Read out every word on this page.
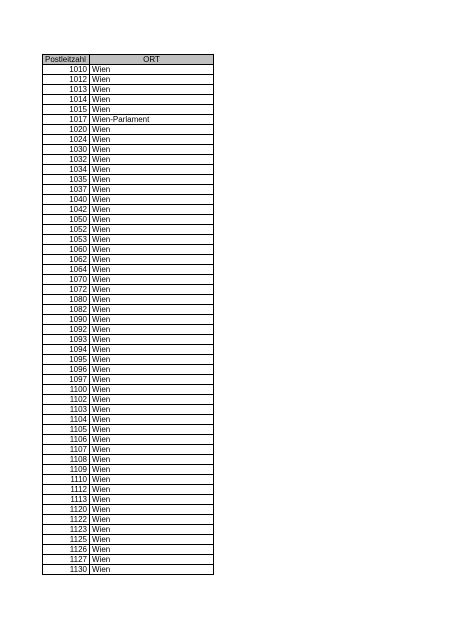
Postleitzahl	ORT
1010	Wien
1012	Wien
1013	Wien
1014	Wien
1015	Wien
1017	Wien-Parlament
1020	Wien
1024	Wien
1030	Wien
1032	Wien
1034	Wien
1035	Wien
1037	Wien
1040	Wien
1042	Wien
1050	Wien
1052	Wien
1053	Wien
1060	Wien
1062	Wien
1064	Wien
1070	Wien
1072	Wien
1080	Wien
1082	Wien
1090	Wien
1092	Wien
1093	Wien
1094	Wien
1095	Wien
1096	Wien
1097	Wien
1100	Wien
1102	Wien
1103	Wien
1104	Wien
1105	Wien
1106	Wien
1107	Wien
1108	Wien
1109	Wien
1110	Wien
1112	Wien
1113	Wien
1120	Wien
1122	Wien
1123	Wien
1125	Wien
1126	Wien
1127	Wien
1130	Wien
